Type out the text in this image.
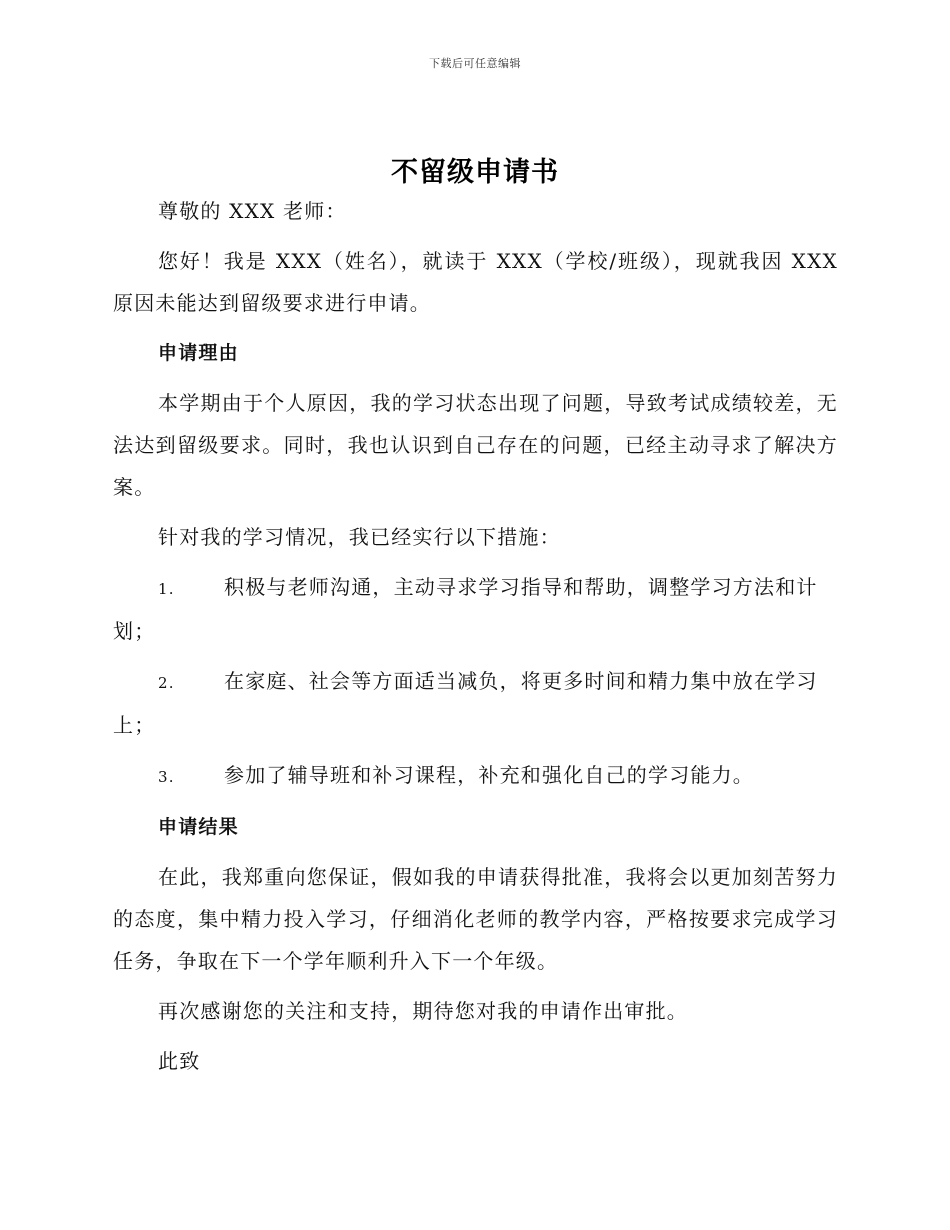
下载后可任意编辑
不留级申请书

尊敬的 XXX 老师：

您好！我是 XXX（姓名），就读于 XXX（学校/班级），现就我因 XXX 原因未能达到留级要求进行申请。

申请理由

本学期由于个人原因，我的学习状态出现了问题，导致考试成绩较差，无法达到留级要求。同时，我也认识到自己存在的问题，已经主动寻求了解决方案。

针对我的学习情况，我已经实行以下措施：

1. 积极与老师沟通，主动寻求学习指导和帮助，调整学习方法和计划；

2. 在家庭、社会等方面适当减负，将更多时间和精力集中放在学习上；

3. 参加了辅导班和补习课程，补充和强化自己的学习能力。

申请结果

在此，我郑重向您保证，假如我的申请获得批准，我将会以更加刻苦努力的态度，集中精力投入学习，仔细消化老师的教学内容，严格按要求完成学习任务，争取在下一个学年顺利升入下一个年级。

再次感谢您的关注和支持，期待您对我的申请作出审批。

此致
